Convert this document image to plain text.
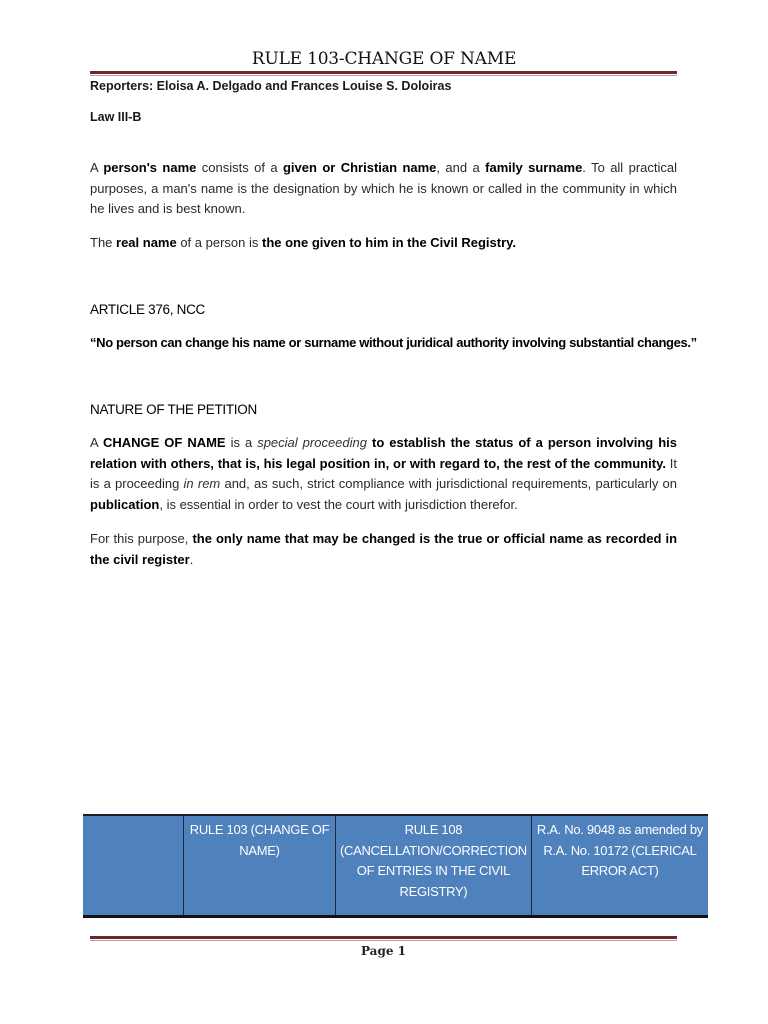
RULE 103-CHANGE OF NAME
Reporters: Eloisa A. Delgado and Frances Louise S. Doloiras
Law III-B
A person's name consists of a given or Christian name, and a family surname. To all practical purposes, a man's name is the designation by which he is known or called in the community in which he lives and is best known.
The real name of a person is the one given to him in the Civil Registry.
ARTICLE 376, NCC
“No person can change his name or surname without juridical authority involving substantial changes.”
NATURE OF THE PETITION
A CHANGE OF NAME is a special proceeding to establish the status of a person involving his relation with others, that is, his legal position in, or with regard to, the rest of the community. It is a proceeding in rem and, as such, strict compliance with jurisdictional requirements, particularly on publication, is essential in order to vest the court with jurisdiction therefor.
For this purpose, the only name that may be changed is the true or official name as recorded in the civil register.
	RULE 103 (CHANGE OF NAME)	RULE 108 (CANCELLATION/CORRECTION OF ENTRIES IN THE CIVIL REGISTRY)	R.A. No. 9048 as amended by R.A. No. 10172 (CLERICAL ERROR ACT)
Page 1
